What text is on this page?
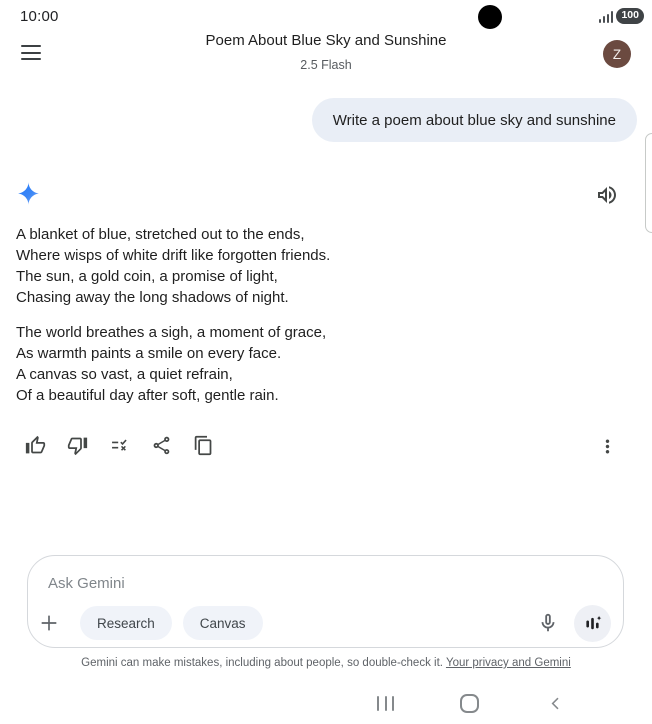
10:00	100
Poem About Blue Sky and Sunshine
2.5 Flash
Z
Write a poem about blue sky and sunshine
A blanket of blue, stretched out to the ends,
Where wisps of white drift like forgotten friends.
The sun, a gold coin, a promise of light,
Chasing away the long shadows of night.
The world breathes a sigh, a moment of grace,
As warmth paints a smile on every face.
A canvas so vast, a quiet refrain,
Of a beautiful day after soft, gentle rain.
Ask Gemini
Research	Canvas
Gemini can make mistakes, including about people, so double-check it. Your privacy and Gemini
